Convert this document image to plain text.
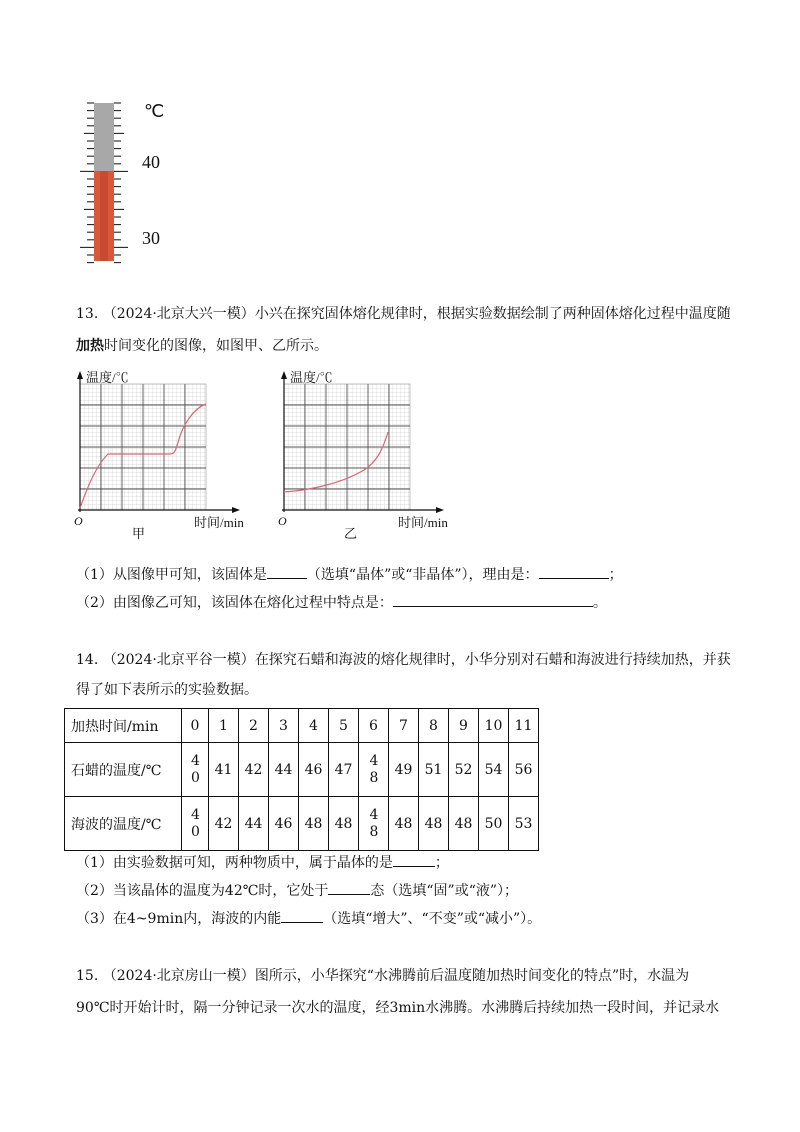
℃
40
30
13. （2024·北京大兴一模）小兴在探究固体熔化规律时，根据实验数据绘制了两种固体熔化过程中温度随
加热时间变化的图像，如图甲、乙所示。
温度/℃
O
甲
时间/min
温度/℃
O
乙
时间/min
（1）从图像甲可知，该固体是	（选填“晶体”或“非晶体”），理由是：	；
（2）由图像乙可知，该固体在熔化过程中特点是：	。
14. （2024·北京平谷一模）在探究石蜡和海波的熔化规律时，小华分别对石蜡和海波进行持续加热，并获
得了如下表所示的实验数据。
加热时间/min	0	1	2	3	4	5	6	7	8	9	10	11
石蜡的温度/℃	40	41	42	44	46	47	48	49	51	52	54	56
海波的温度/℃	40	42	44	46	48	48	48	48	48	48	50	53
（1）由实验数据可知，两种物质中，属于晶体的是	；
（2）当该晶体的温度为42℃时，它处于	态（选填“固”或“液”）；
（3）在4~9min内，海波的内能	（选填“增大”、“不变”或“减小”）。
15. （2024·北京房山一模）图所示，小华探究“水沸腾前后温度随加热时间变化的特点”时，水温为
90℃时开始计时，隔一分钟记录一次水的温度，经3min水沸腾。水沸腾后持续加热一段时间，并记录水
